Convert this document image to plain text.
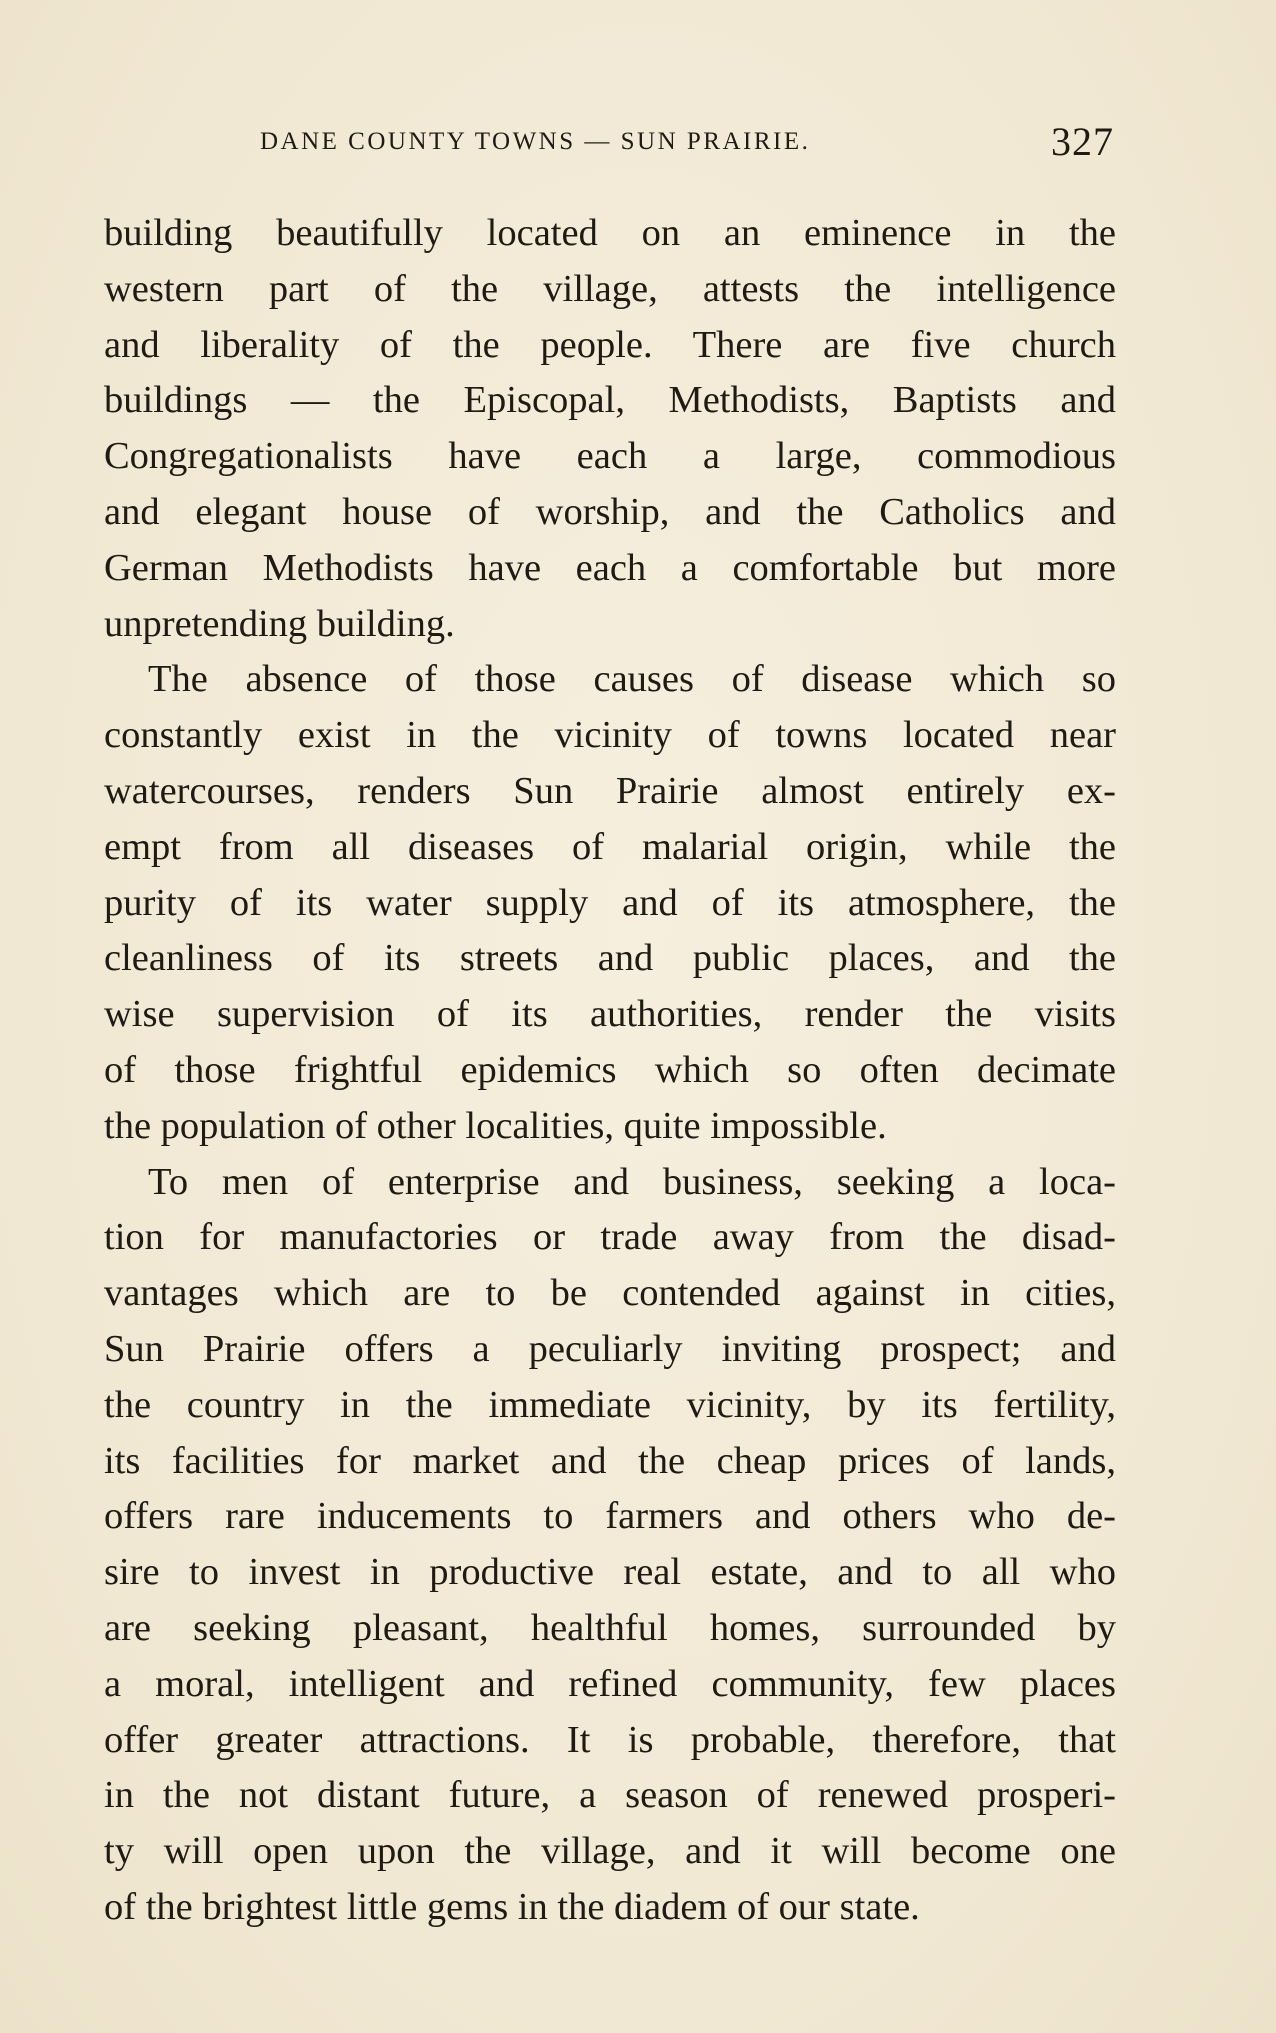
DANE COUNTY TOWNS — SUN PRAIRIE.	327
building beautifully located on an eminence in the
western part of the village, attests the intelligence
and liberality of the people. There are five church
buildings — the Episcopal, Methodists, Baptists and
Congregationalists have each a large, commodious
and elegant house of worship, and the Catholics and
German Methodists have each a comfortable but more
unpretending building.
The absence of those causes of disease which so
constantly exist in the vicinity of towns located near
watercourses, renders Sun Prairie almost entirely ex-
empt from all diseases of malarial origin, while the
purity of its water supply and of its atmosphere, the
cleanliness of its streets and public places, and the
wise supervision of its authorities, render the visits
of those frightful epidemics which so often decimate
the population of other localities, quite impossible.
To men of enterprise and business, seeking a loca-
tion for manufactories or trade away from the disad-
vantages which are to be contended against in cities,
Sun Prairie offers a peculiarly inviting prospect; and
the country in the immediate vicinity, by its fertility,
its facilities for market and the cheap prices of lands,
offers rare inducements to farmers and others who de-
sire to invest in productive real estate, and to all who
are seeking pleasant, healthful homes, surrounded by
a moral, intelligent and refined community, few places
offer greater attractions. It is probable, therefore, that
in the not distant future, a season of renewed prosperi-
ty will open upon the village, and it will become one
of the brightest little gems in the diadem of our state.
